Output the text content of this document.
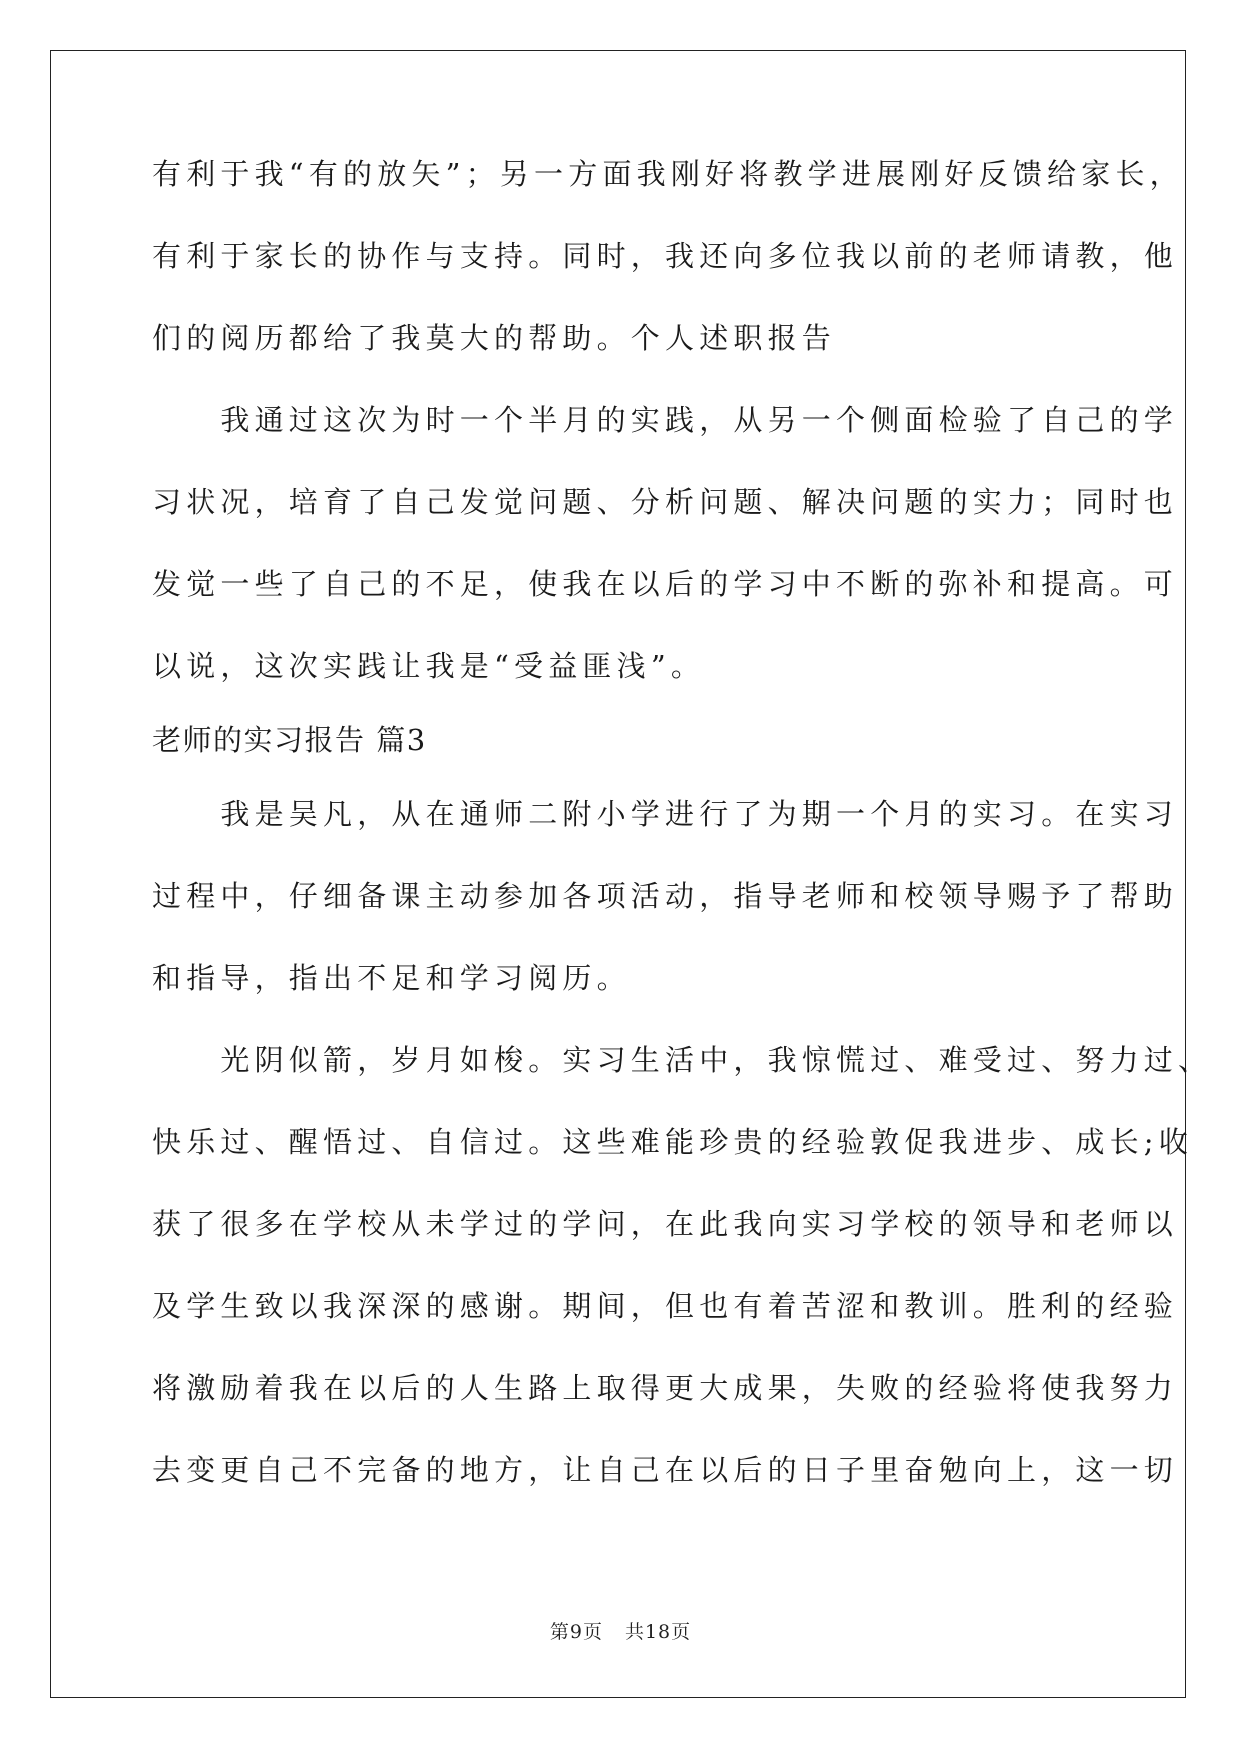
有利于我“有的放矢”；另一方面我刚好将教学进展刚好反馈给家长，

有利于家长的协作与支持。同时，我还向多位我以前的老师请教，他

们的阅历都给了我莫大的帮助。个人述职报告

　　我通过这次为时一个半月的实践，从另一个侧面检验了自己的学

习状况，培育了自己发觉问题、分析问题、解决问题的实力；同时也

发觉一些了自己的不足，使我在以后的学习中不断的弥补和提高。可

以说，这次实践让我是“受益匪浅”。

老师的实习报告 篇3

　　我是吴凡，从在通师二附小学进行了为期一个月的实习。在实习

过程中，仔细备课主动参加各项活动，指导老师和校领导赐予了帮助

和指导，指出不足和学习阅历。

　　光阴似箭，岁月如梭。实习生活中，我惊慌过、难受过、努力过、

快乐过、醒悟过、自信过。这些难能珍贵的经验敦促我进步、成长;收

获了很多在学校从未学过的学问，在此我向实习学校的领导和老师以

及学生致以我深深的感谢。期间，但也有着苦涩和教训。胜利的经验

将激励着我在以后的人生路上取得更大成果，失败的经验将使我努力

去变更自己不完备的地方，让自己在以后的日子里奋勉向上，这一切

第9页 共18页
